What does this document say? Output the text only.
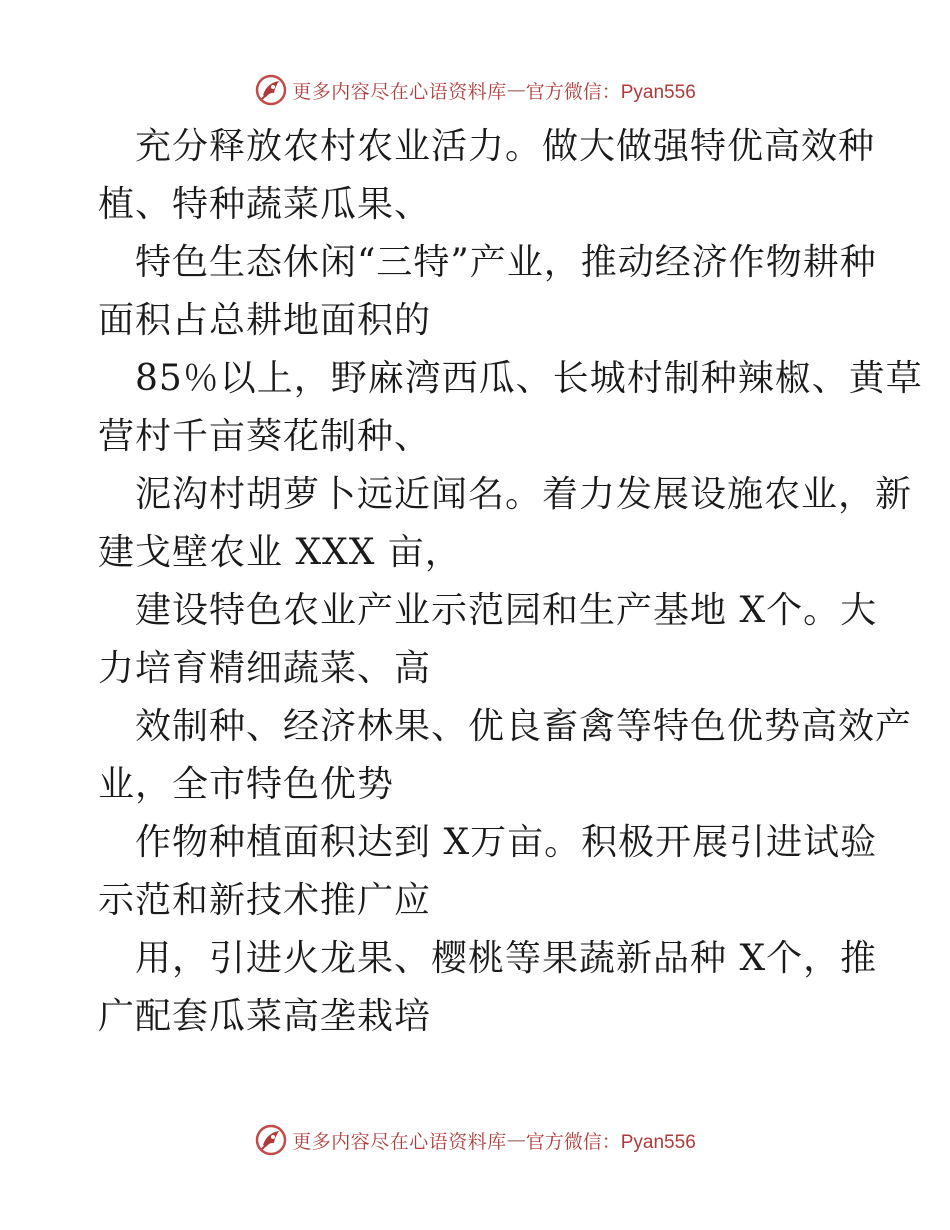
更多内容尽在心语资料库 — 官方微信：Pyan556
充分释放农村农业活力。做大做强特优高效种
植、特种蔬菜瓜果、
特色生态休闲“三特”产业，推动经济作物耕种
面积占总耕地面积的
85％以上，野麻湾西瓜、长城村制种辣椒、黄草
营村千亩葵花制种、
泥沟村胡萝卜远近闻名。着力发展设施农业，新
建戈壁农业 XXX 亩，
建设特色农业产业示范园和生产基地 X个。大
力培育精细蔬菜、高
效制种、经济林果、优良畜禽等特色优势高效产
业，全市特色优势
作物种植面积达到 X万亩。积极开展引进试验
示范和新技术推广应
用，引进火龙果、樱桃等果蔬新品种 X个，推
广配套瓜菜高垄栽培
更多内容尽在心语资料库 — 官方微信：Pyan556
